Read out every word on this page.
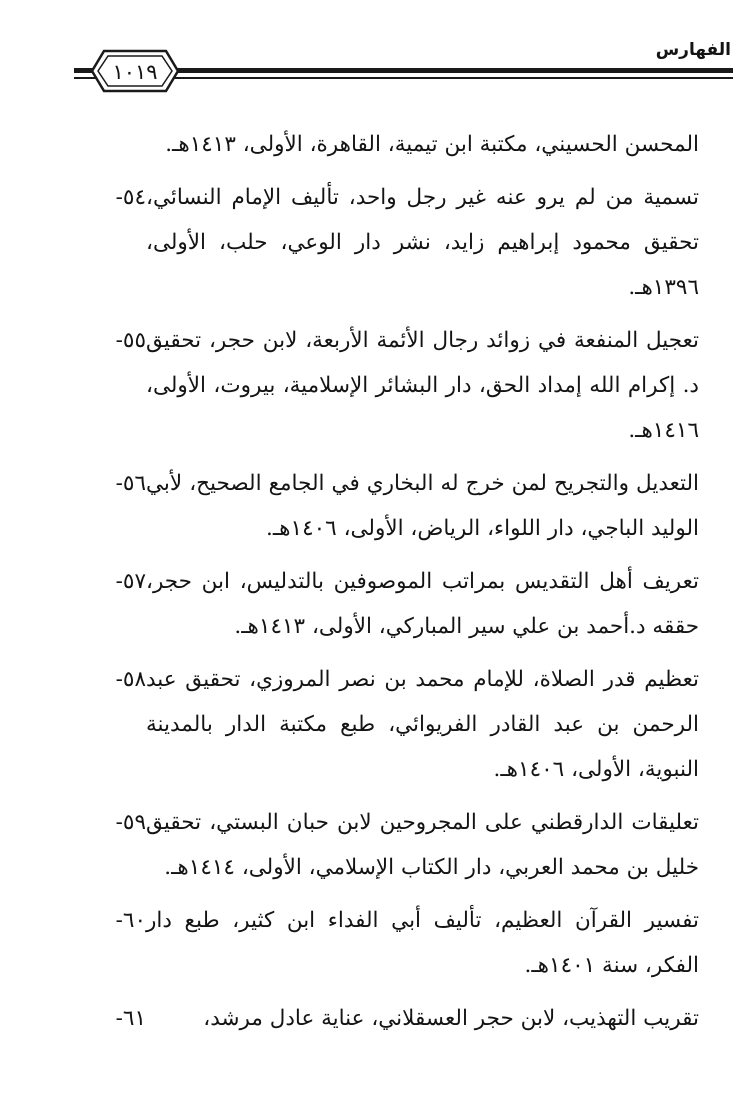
١٠١٩
الفهارس
المحسن الحسيني، مكتبة ابن تيمية، القاهرة، الأولى، ١٤١٣هـ.
تسمية من لم يرو عنه غير رجل واحد، تأليف الإمام النسائي، تحقيق محمود إبراهيم زايد، نشر دار الوعي، حلب، الأولى، ١٣٩٦هـ.
٥٤-
تعجيل المنفعة في زوائد رجال الأئمة الأربعة، لابن حجر، تحقيق د. إكرام الله إمداد الحق، دار البشائر الإسلامية، بيروت، الأولى، ١٤١٦هـ.
٥٥-
التعديل والتجريح لمن خرج له البخاري في الجامع الصحيح، لأبي الوليد الباجي، دار اللواء، الرياض، الأولى، ١٤٠٦هـ.
٥٦-
تعريف أهل التقديس بمراتب الموصوفين بالتدليس، ابن حجر، حققه د.أحمد بن علي سير المباركي، الأولى، ١٤١٣هـ.
٥٧-
تعظيم قدر الصلاة، للإمام محمد بن نصر المروزي، تحقيق عبد الرحمن بن عبد القادر الفريوائي، طبع مكتبة الدار بالمدينة النبوية، الأولى، ١٤٠٦هـ.
٥٨-
تعليقات الدارقطني على المجروحين لابن حبان البستي، تحقيق خليل بن محمد العربي، دار الكتاب الإسلامي، الأولى، ١٤١٤هـ.
٥٩-
تفسير القرآن العظيم، تأليف أبي الفداء ابن كثير، طبع دار الفكر، سنة ١٤٠١هـ.
٦٠-
تقريب التهذيب، لابن حجر العسقلاني، عناية عادل مرشد،
٦١-
